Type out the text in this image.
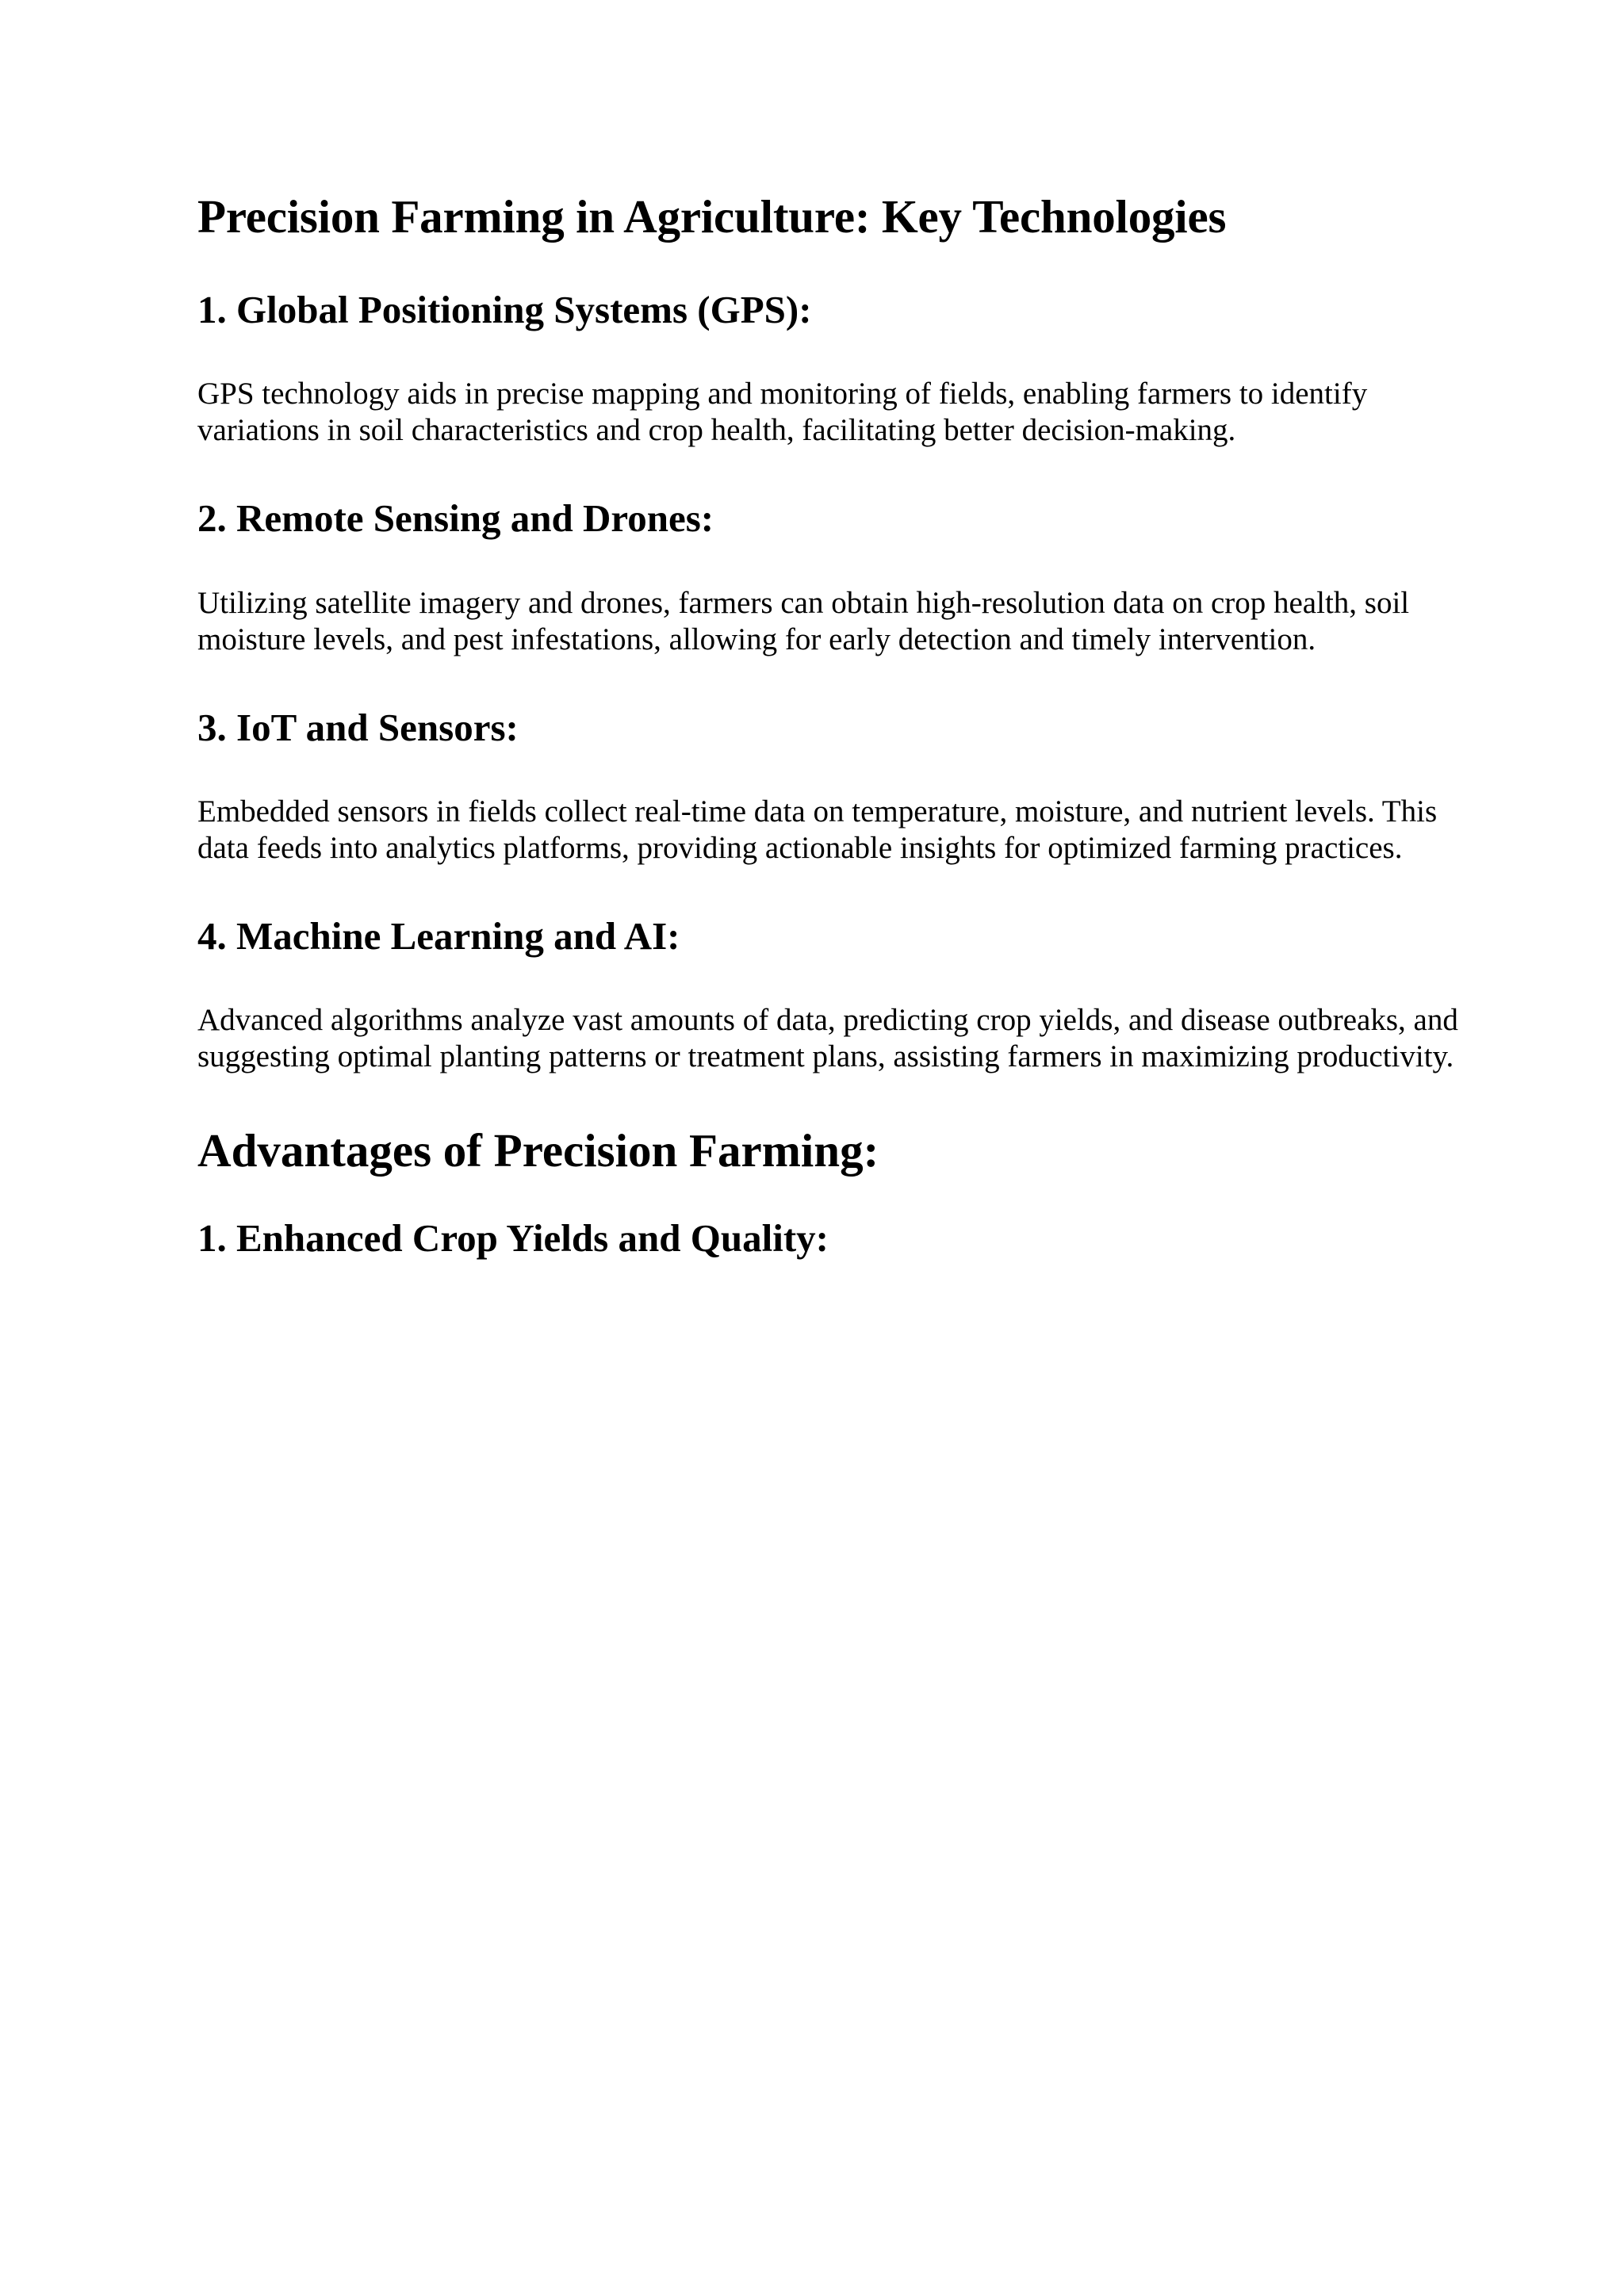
Precision Farming in Agriculture: Key Technologies
1. Global Positioning Systems (GPS):

GPS technology aids in precise mapping and monitoring of fields, enabling farmers to identify variations in soil characteristics and crop health, facilitating better decision-making.

2. Remote Sensing and Drones:

Utilizing satellite imagery and drones, farmers can obtain high-resolution data on crop health, soil moisture levels, and pest infestations, allowing for early detection and timely intervention.

3. IoT and Sensors:

Embedded sensors in fields collect real-time data on temperature, moisture, and nutrient levels. This data feeds into analytics platforms, providing actionable insights for optimized farming practices.

4. Machine Learning and AI:

Advanced algorithms analyze vast amounts of data, predicting crop yields, and disease outbreaks, and suggesting optimal planting patterns or treatment plans, assisting farmers in maximizing productivity.

Advantages of Precision Farming:
1. Enhanced Crop Yields and Quality:
